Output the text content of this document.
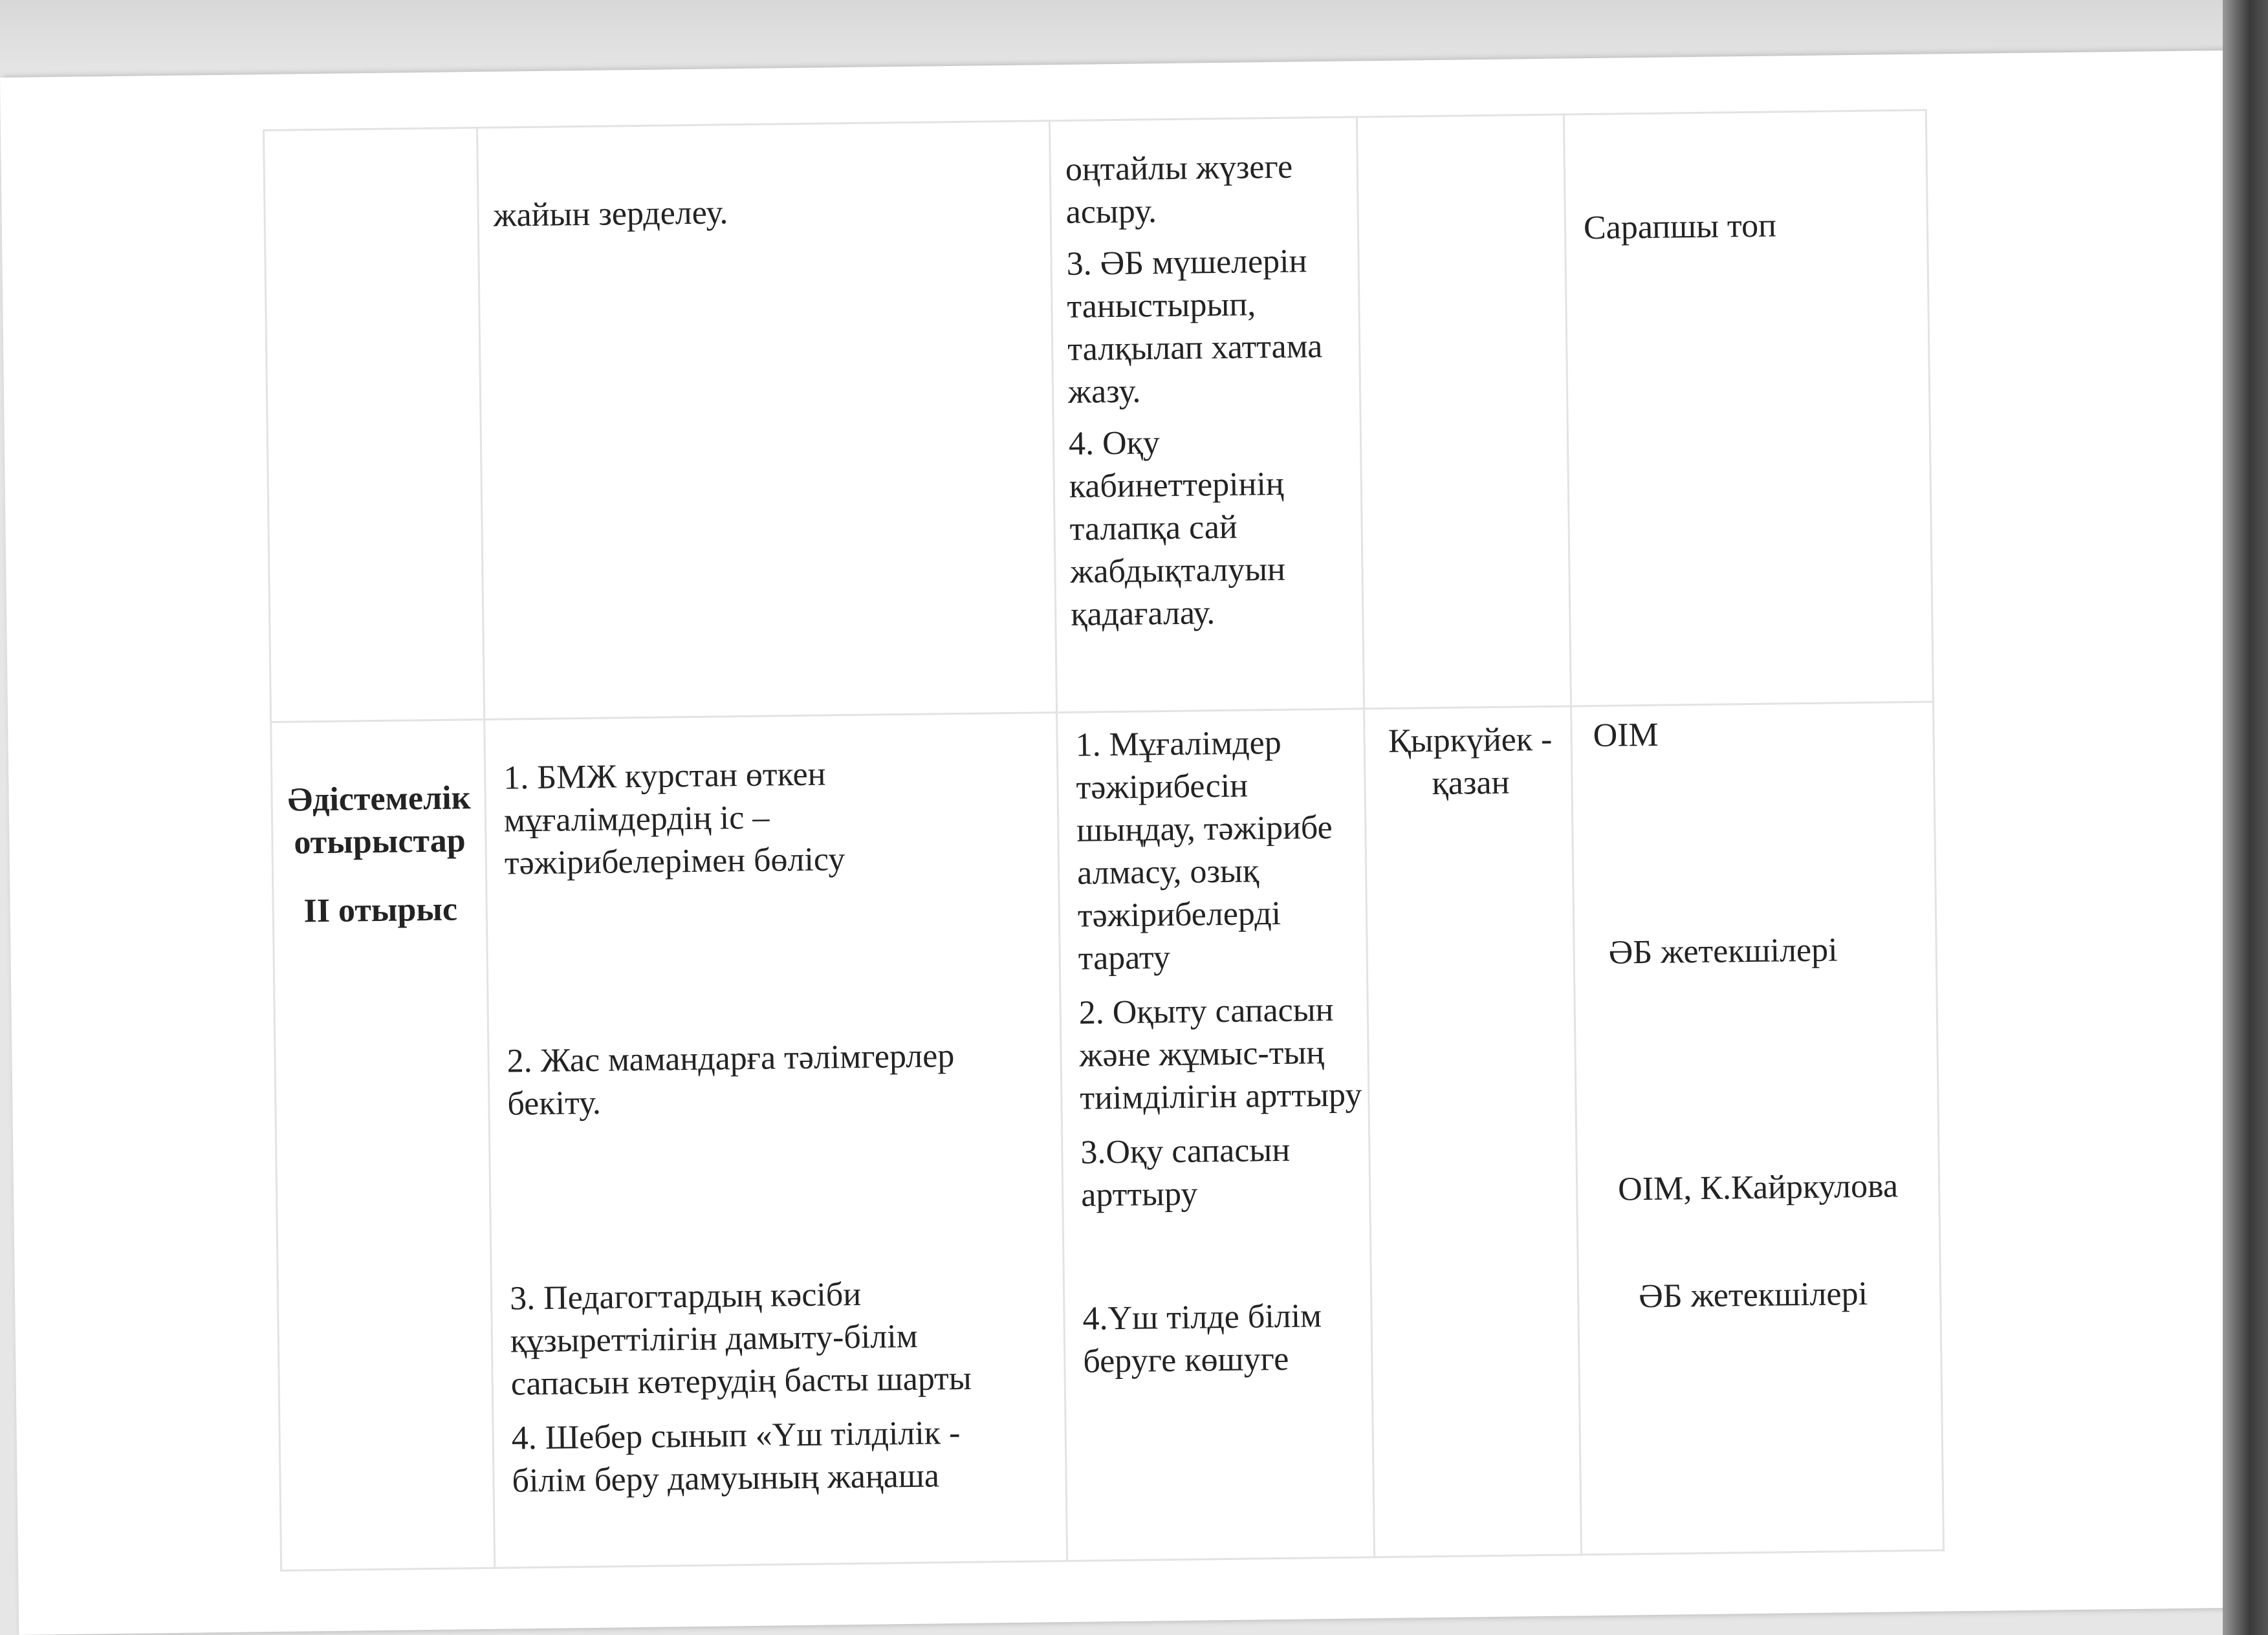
жайын зерделеу.

оңтайлы жүзеге асыру.

3. ӘБ мүшелерін таныстырып, талқылап хаттама жазу.

4. Оқу кабинеттерінің талапқа сай жабдықталуын қадағалау.

Сарапшы топ

Әдістемелік отырыстар

II отырыс

1. БМЖ курстан өткен мұғалімдердің іс – тәжірибелерімен бөлісу

2. Жас мамандарға тәлімгерлер бекіту.

3. Педагогтардың кәсіби құзыреттілігін дамыту-білім сапасын көтерудің басты шарты

4. Шебер сынып «Үш тілділік - білім беру дамуының жаңаша

1. Мұғалімдер тәжірибесін шыңдау, тәжірибе алмасу, озық тәжірибелерді тарату

2. Оқыту сапасын және жұмыс-тың тиімділігін арттыру

3.Оқу сапасын арттыру

4.Үш тілде білім беруге көшуге

Қыркүйек - қазан

ОІМ

ӘБ жетекшілері

ОІМ, К.Кайркулова

ӘБ жетекшілері
